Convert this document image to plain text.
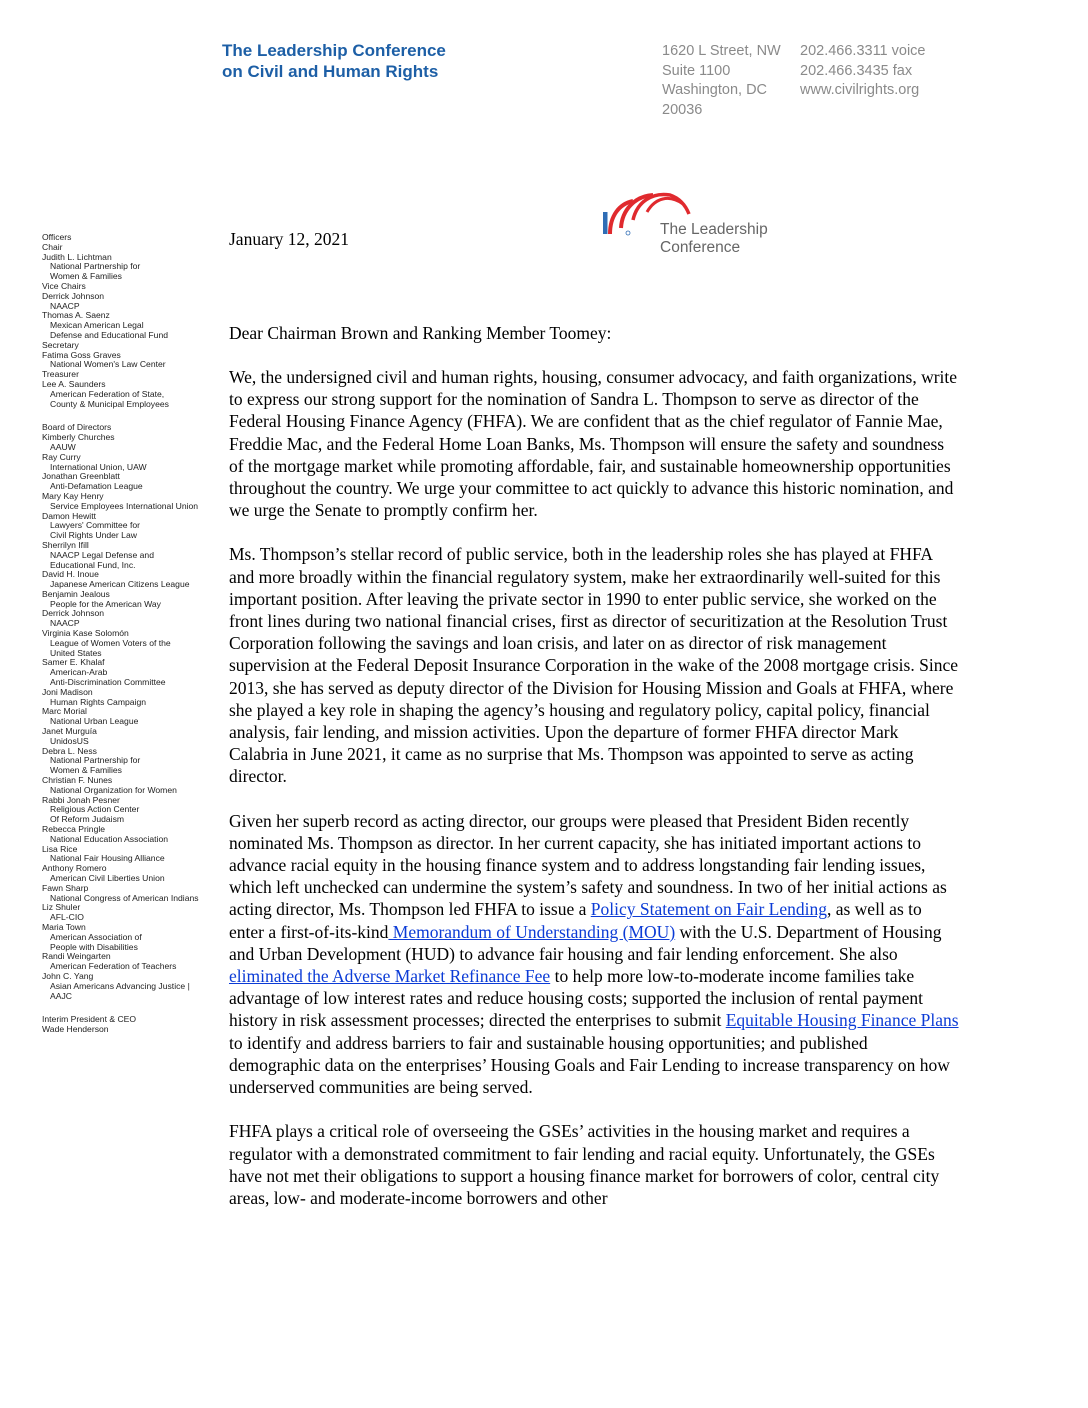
The Leadership Conference
on Civil and Human Rights
1620 L Street, NW
Suite 1100
Washington, DC
20036
202.466.3311 voice
202.466.3435 fax
www.civilrights.org
The Leadership
Conference
Officers
Chair
Judith L. Lichtman
National Partnership for
Women & Families
Vice Chairs
Derrick Johnson
NAACP
Thomas A. Saenz
Mexican American Legal
Defense and Educational Fund
Secretary
Fatima Goss Graves
National Women's Law Center
Treasurer
Lee A. Saunders
American Federation of State,
County & Municipal Employees
Board of Directors
Kimberly Churches
AAUW
Ray Curry
International Union, UAW
Jonathan Greenblatt
Anti-Defamation League
Mary Kay Henry
Service Employees International Union
Damon Hewitt
Lawyers' Committee for
Civil Rights Under Law
Sherrilyn Ifill
NAACP Legal Defense and
Educational Fund, Inc.
David H. Inoue
Japanese American Citizens League
Benjamin Jealous
People for the American Way
Derrick Johnson
NAACP
Virginia Kase Solomón
League of Women Voters of the
United States
Samer E. Khalaf
American-Arab
Anti-Discrimination Committee
Joni Madison
Human Rights Campaign
Marc Morial
National Urban League
Janet Murguía
UnidosUS
Debra L. Ness
National Partnership for
Women & Families
Christian F. Nunes
National Organization for Women
Rabbi Jonah Pesner
Religious Action Center
Of Reform Judaism
Rebecca Pringle
National Education Association
Lisa Rice
National Fair Housing Alliance
Anthony Romero
American Civil Liberties Union
Fawn Sharp
National Congress of American Indians
Liz Shuler
AFL-CIO
Maria Town
American Association of
People with Disabilities
Randi Weingarten
American Federation of Teachers
John C. Yang
Asian Americans Advancing Justice |
AAJC
Interim President & CEO
Wade Henderson
January 12, 2021
Dear Chairman Brown and Ranking Member Toomey:

We, the undersigned civil and human rights, housing, consumer advocacy, and faith organizations, write to express our strong support for the nomination of Sandra L. Thompson to serve as director of the Federal Housing Finance Agency (FHFA). We are confident that as the chief regulator of Fannie Mae, Freddie Mac, and the Federal Home Loan Banks, Ms. Thompson will ensure the safety and soundness of the mortgage market while promoting affordable, fair, and sustainable homeownership opportunities throughout the country. We urge your committee to act quickly to advance this historic nomination, and we urge the Senate to promptly confirm her.

Ms. Thompson’s stellar record of public service, both in the leadership roles she has played at FHFA and more broadly within the financial regulatory system, make her extraordinarily well-suited for this important position. After leaving the private sector in 1990 to enter public service, she worked on the front lines during two national financial crises, first as director of securitization at the Resolution Trust Corporation following the savings and loan crisis, and later on as director of risk management supervision at the Federal Deposit Insurance Corporation in the wake of the 2008 mortgage crisis. Since 2013, she has served as deputy director of the Division for Housing Mission and Goals at FHFA, where she played a key role in shaping the agency’s housing and regulatory policy, capital policy, financial analysis, fair lending, and mission activities. Upon the departure of former FHFA director Mark Calabria in June 2021, it came as no surprise that Ms. Thompson was appointed to serve as acting director.

Given her superb record as acting director, our groups were pleased that President Biden recently nominated Ms. Thompson as director. In her current capacity, she has initiated important actions to advance racial equity in the housing finance system and to address longstanding fair lending issues, which left unchecked can undermine the system’s safety and soundness. In two of her initial actions as acting director, Ms. Thompson led FHFA to issue a Policy Statement on Fair Lending, as well as to enter a first-of-its-kind Memorandum of Understanding (MOU) with the U.S. Department of Housing and Urban Development (HUD) to advance fair housing and fair lending enforcement. She also eliminated the Adverse Market Refinance Fee to help more low-to-moderate income families take advantage of low interest rates and reduce housing costs; supported the inclusion of rental payment history in risk assessment processes; directed the enterprises to submit Equitable Housing Finance Plans to identify and address barriers to fair and sustainable housing opportunities; and published demographic data on the enterprises’ Housing Goals and Fair Lending to increase transparency on how underserved communities are being served.

FHFA plays a critical role of overseeing the GSEs’ activities in the housing market and requires a regulator with a demonstrated commitment to fair lending and racial equity. Unfortunately, the GSEs have not met their obligations to support a housing finance market for borrowers of color, central city areas, low- and moderate-income borrowers and other
